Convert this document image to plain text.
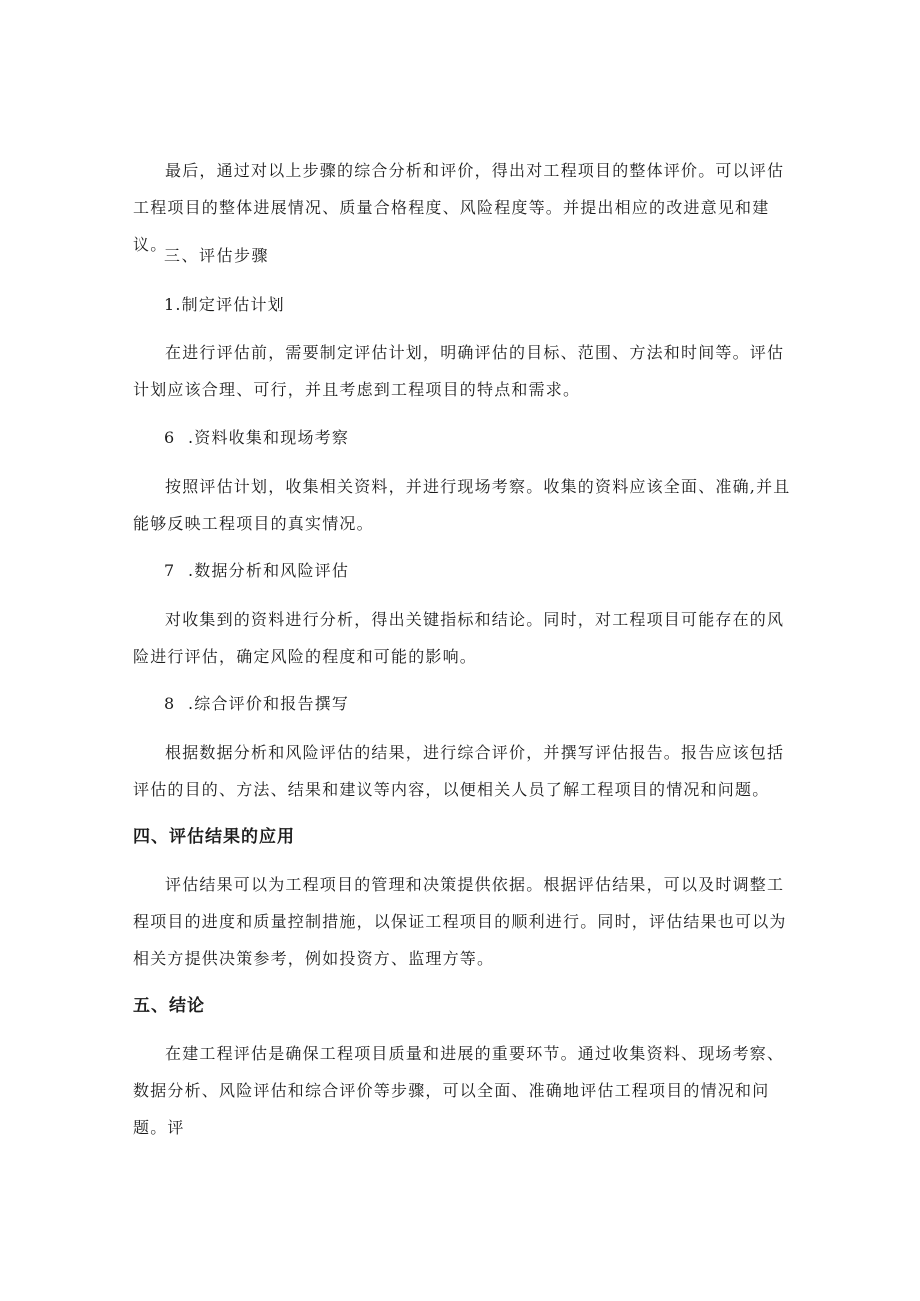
最后，通过对以上步骤的综合分析和评价，得出对工程项目的整体评价。可以评估工程项目的整体进展情况、质量合格程度、风险程度等。并提出相应的改进意见和建议。

三、评估步骤

1.制定评估计划

在进行评估前，需要制定评估计划，明确评估的目标、范围、方法和时间等。评估计划应该合理、可行，并且考虑到工程项目的特点和需求。

6 .资料收集和现场考察

按照评估计划，收集相关资料，并进行现场考察。收集的资料应该全面、准确,并且能够反映工程项目的真实情况。

7 .数据分析和风险评估

对收集到的资料进行分析，得出关键指标和结论。同时，对工程项目可能存在的风险进行评估，确定风险的程度和可能的影响。

8 .综合评价和报告撰写

根据数据分析和风险评估的结果，进行综合评价，并撰写评估报告。报告应该包括评估的目的、方法、结果和建议等内容，以便相关人员了解工程项目的情况和问题。

四、评估结果的应用

评估结果可以为工程项目的管理和决策提供依据。根据评估结果，可以及时调整工程项目的进度和质量控制措施，以保证工程项目的顺利进行。同时，评估结果也可以为相关方提供决策参考，例如投资方、监理方等。

五、结论

在建工程评估是确保工程项目质量和进展的重要环节。通过收集资料、现场考察、数据分析、风险评估和综合评价等步骤，可以全面、准确地评估工程项目的情况和问题。评
